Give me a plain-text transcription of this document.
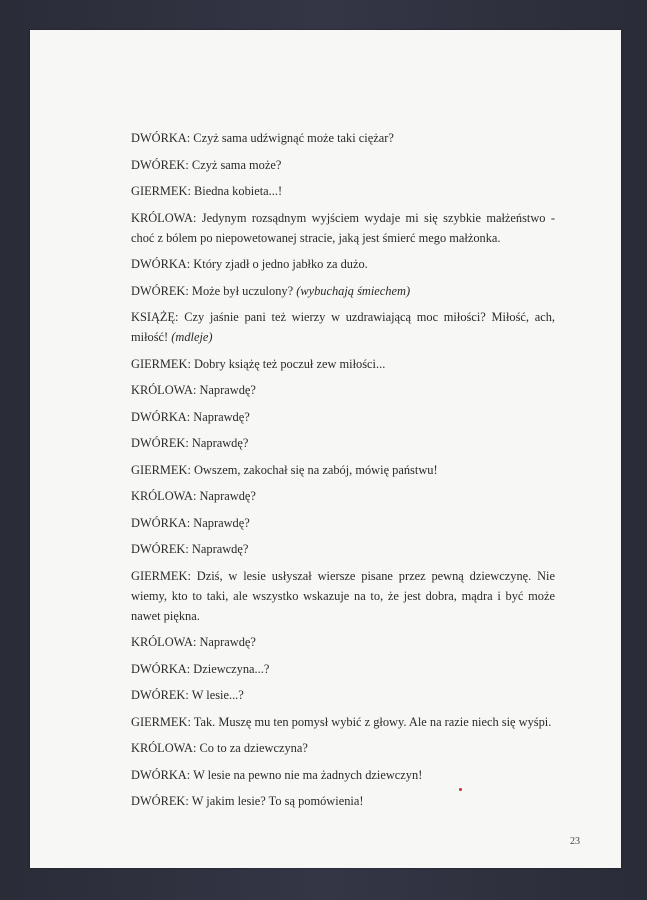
DWÓRKA: Czyż sama udźwignąć może taki ciężar?
DWÓREK: Czyż sama może?
GIERMEK: Biedna kobieta...!
KRÓLOWA: Jedynym rozsądnym wyjściem wydaje mi się szybkie małżeństwo - choć z bólem po niepowetowanej stracie, jaką jest śmierć mego małżonka.
DWÓRKA: Który zjadł o jedno jabłko za dużo.
DWÓREK: Może był uczulony? (wybuchają śmiechem)
KSIĄŻĘ: Czy jaśnie pani też wierzy w uzdrawiającą moc miłości? Miłość, ach, miłość! (mdleje)
GIERMEK: Dobry książę też poczuł zew miłości...
KRÓLOWA: Naprawdę?
DWÓRKA: Naprawdę?
DWÓREK: Naprawdę?
GIERMEK: Owszem, zakochał się na zabój, mówię państwu!
KRÓLOWA: Naprawdę?
DWÓRKA: Naprawdę?
DWÓREK: Naprawdę?
GIERMEK: Dziś, w lesie usłyszał wiersze pisane przez pewną dziewczynę. Nie wiemy, kto to taki, ale wszystko wskazuje na to, że jest dobra, mądra i być może nawet piękna.
KRÓLOWA: Naprawdę?
DWÓRKA: Dziewczyna...?
DWÓREK: W lesie...?
GIERMEK: Tak. Muszę mu ten pomysł wybić z głowy. Ale na razie niech się wyśpi.
KRÓLOWA: Co to za dziewczyna?
DWÓRKA: W lesie na pewno nie ma żadnych dziewczyn!
DWÓREK: W jakim lesie? To są pomówienia!
23
